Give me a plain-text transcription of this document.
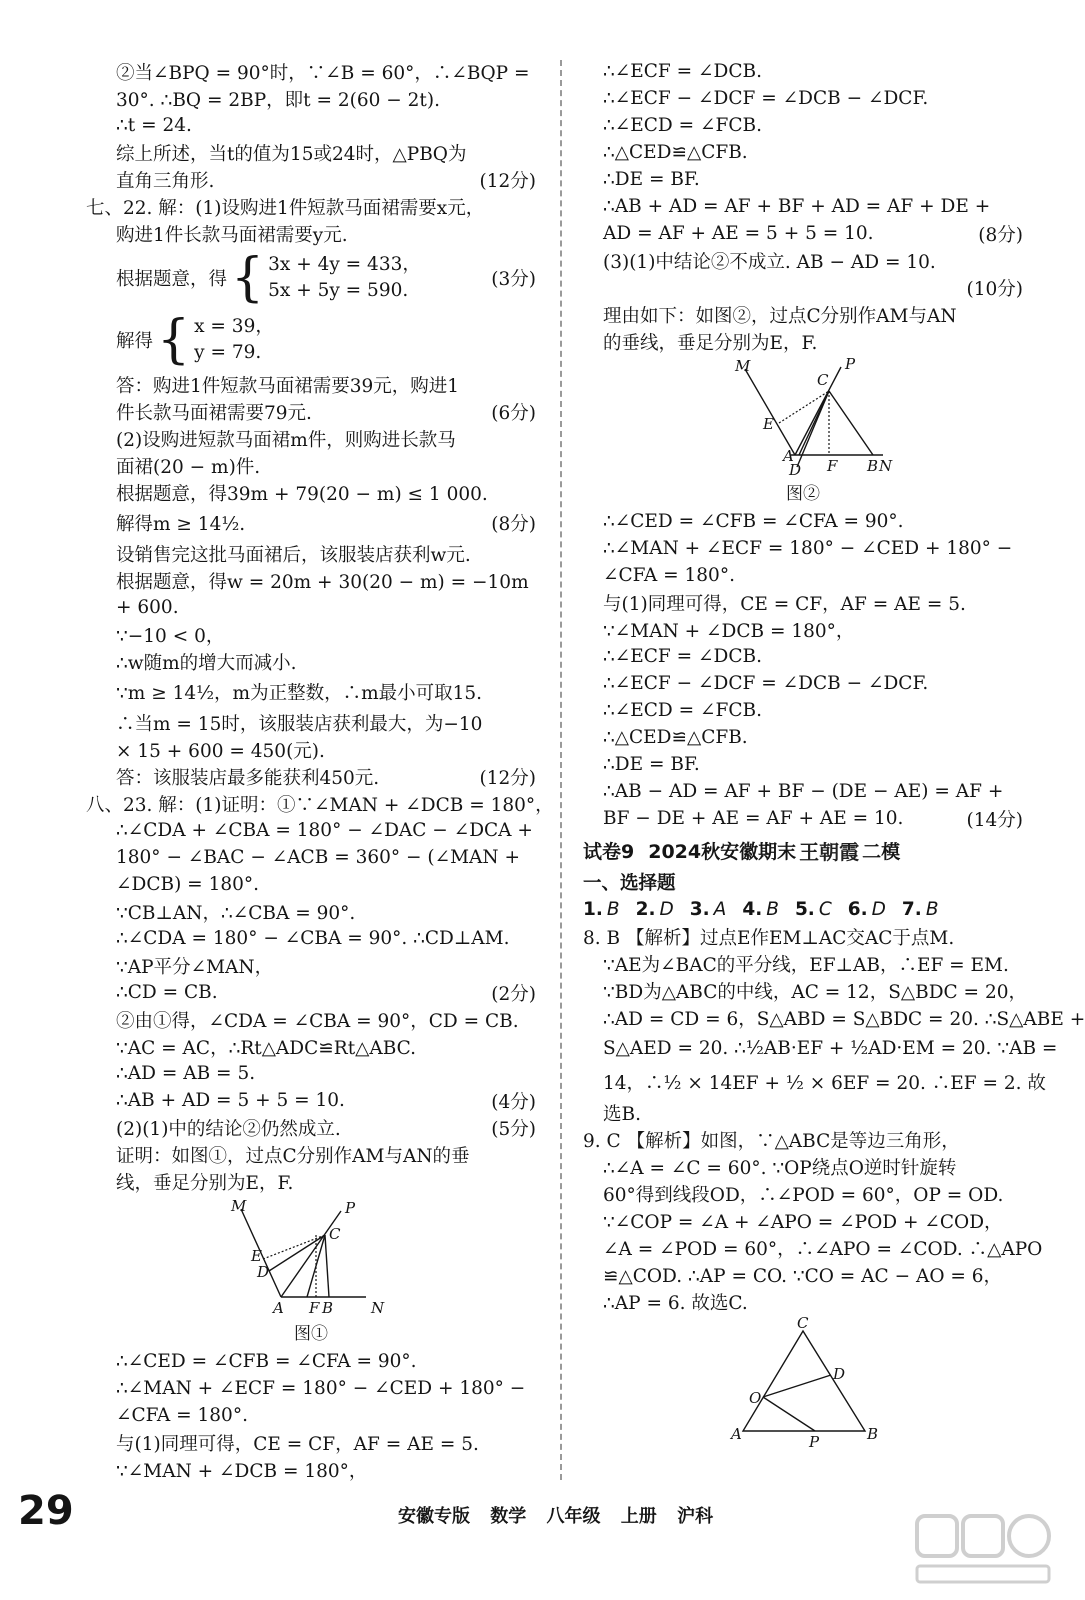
②当∠BPQ = 90°时，∵∠B = 60°，∴∠BQP =
30°. ∴BQ = 2BP，即t = 2(60 − 2t).
∴t = 24.
综上所述，当t的值为15或24时，△PBQ为
直角三角形.	(12分)
七、22. 解：(1)设购进1件短款马面裙需要x元，
购进1件长款马面裙需要y元.
根据题意，得 { 3x + 4y = 433，
5x + 5y = 590.
(3分)
解得 { x = 39，
y = 79.
答：购进1件短款马面裙需要39元，购进1
件长款马面裙需要79元.	(6分)
(2)设购进短款马面裙m件，则购进长款马
面裙(20 − m)件.
根据题意，得39m + 79(20 − m) ≤ 1 000.
解得m ≥ 14½.	(8分)
设销售完这批马面裙后，该服装店获利w元.
根据题意，得w = 20m + 30(20 − m) = −10m
+ 600.
∵−10 < 0，
∴w随m的增大而减小.
∵m ≥ 14½，m为正整数，∴m最小可取15.
∴当m = 15时，该服装店获利最大，为−10
× 15 + 600 = 450(元).
答：该服装店最多能获利450元.	(12分)
八、23. 解：(1)证明：①∵∠MAN + ∠DCB = 180°，
∴∠CDA + ∠CBA = 180° − ∠DAC − ∠DCA +
180° − ∠BAC − ∠ACB = 360° − (∠MAN +
∠DCB) = 180°.
∵CB⊥AN，∴∠CBA = 90°.
∴∠CDA = 180° − ∠CBA = 90°. ∴CD⊥AM.
∵AP平分∠MAN，
∴CD = CB.	(2分)
②由①得，∠CDA = ∠CBA = 90°，CD = CB.
∵AC = AC，∴Rt△ADC≌Rt△ABC.
∴AD = AB = 5.
∴AB + AD = 5 + 5 = 10.	(4分)
(2)(1)中的结论②仍然成立.	(5分)
证明：如图①，过点C分别作AM与AN的垂
线，垂足分别为E，F.
M	P
E
C
D
A F B	N
图①
∴∠CED = ∠CFB = ∠CFA = 90°.
∴∠MAN + ∠ECF = 180° − ∠CED + 180° −
∠CFA = 180°.
与(1)同理可得，CE = CF，AF = AE = 5.
∵∠MAN + ∠DCB = 180°，
∴∠ECF = ∠DCB.
∴∠ECF − ∠DCF = ∠DCB − ∠DCF.
∴∠ECD = ∠FCB.
∴△CED≌△CFB.
∴DE = BF.
∴AB + AD = AF + BF + AD = AF + DE +
AD = AF + AE = 5 + 5 = 10.	(8分)
(3)(1)中结论②不成立. AB − AD = 10.
(10分)
理由如下：如图②，过点C分别作AM与AN
的垂线，垂足分别为E，F.
M	P
C
E
A
D F B N
图②
∴∠CED = ∠CFB = ∠CFA = 90°.
∴∠MAN + ∠ECF = 180° − ∠CED + 180° −
∠CFA = 180°.
与(1)同理可得，CE = CF，AF = AE = 5.
∵∠MAN + ∠DCB = 180°，
∴∠ECF = ∠DCB.
∴∠ECF − ∠DCF = ∠DCB − ∠DCF.
∴∠ECD = ∠FCB.
∴△CED≌△CFB.
∴DE = BF.
∴AB − AD = AF + BF − (DE − AE) = AF +
BF − DE + AE = AF + AE = 10.	(14分)
试卷9 2024秋安徽期末 王朝霞 二模
一、选择题
1. B 2. D 3. A 4. B 5. C 6. D 7. B
8. B 【解析】过点E作EM⊥AC交AC于点M.
∵AE为∠BAC的平分线，EF⊥AB，∴EF = EM.
∵BD为△ABC的中线，AC = 12，S△BDC = 20，
∴AD = CD = 6，S△ABD = S△BDC = 20. ∴S△ABE +
S△AED = 20. ∴½AB·EF + ½AD·EM = 20. ∵AB =
14，∴½ × 14EF + ½ × 6EF = 20. ∴EF = 2. 故
选B.
9. C 【解析】如图，∵△ABC是等边三角形，
∴∠A = ∠C = 60°. ∵OP绕点O逆时针旋转
60°得到线段OD，∴∠POD = 60°，OP = OD.
∵∠COP = ∠A + ∠APO = ∠POD + ∠COD，
∠A = ∠POD = 60°，∴∠APO = ∠COD. ∴△APO
≌△COD. ∴AP = CO. ∵CO = AC − AO = 6，
∴AP = 6. 故选C.
C
D
O
A	P	B
29	安徽专版 数学 八年级 上册 沪科
